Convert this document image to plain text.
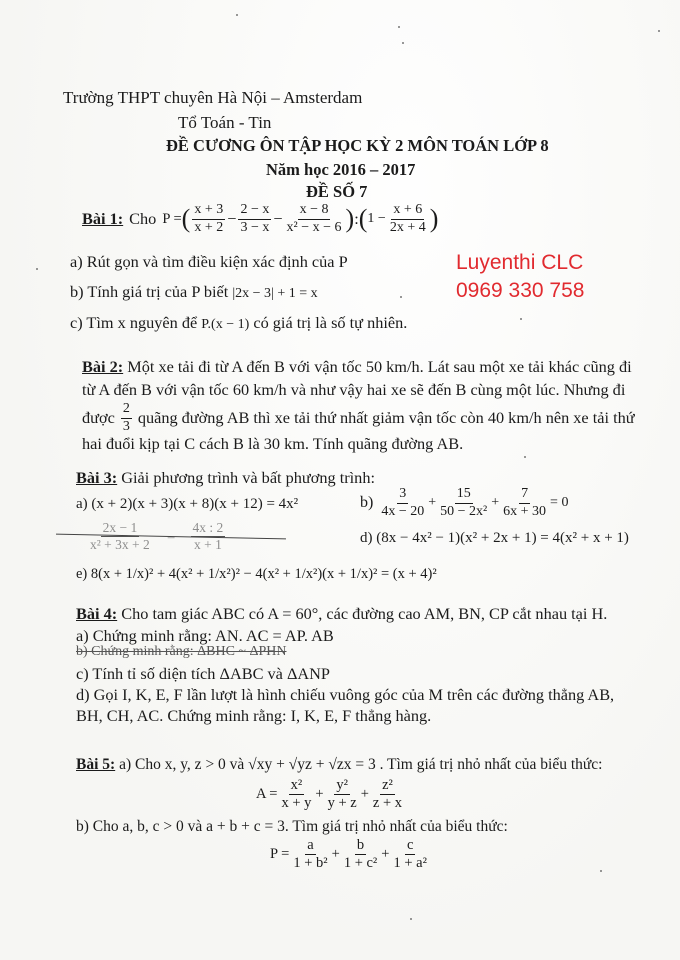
Trường THPT chuyên Hà Nội – Amsterdam
Tổ Toán - Tin
ĐỀ CƯƠNG ÔN TẬP HỌC KỲ 2 MÔN TOÁN LỚP 8
Năm học 2016 – 2017
ĐỀ SỐ 7
Luyenthi CLC
0969 330 758
Bài 1: Cho P = ( $\frac{x + 3}{x + 2} - \frac{2 - x}{3 - x} - \frac{x - 8}{\text{x² − x − 6}}$ ) : ( $1 - \frac{x + 6}{2x + 4}$ )
a) Rút gọn và tìm điều kiện xác định của P
b) Tính giá trị của P biết |2x − 3| + 1 = x
c) Tìm x nguyên để P.(x − 1) có giá trị là số tự nhiên.
Bài 2: Một xe tải đi từ A đến B với vận tốc 50 km/h. Lát sau một xe tải khác cũng đi
từ A đến B với vận tốc 60 km/h và như vậy hai xe sẽ đến B cùng một lúc. Nhưng đi
được $\frac{2}{3}$ quãng đường AB thì xe tải thứ nhất giảm vận tốc còn 40 km/h nên xe tải thứ
hai đuổi kịp tại C cách B là 30 km. Tính quãng đường AB.
Bài 3: Giải phương trình và bất phương trình:
a) (x + 2)(x + 3)(x + 8)(x + 12) = 4x²	$b) \frac{3}{4x - 20} + \frac{15}{\text{50 − 2x²}} + \frac{7}{6x + 30} = 0$
$\frac{2x - 1}{\text{x² + 3x + 2}} - \frac{4x : 2}{x + 1}$	d) (8x − 4x² − 1)(x² + 2x + 1) = 4(x² + x + 1)
e) 8(x + 1/x)² + 4(x² + 1/x²)² − 4(x² + 1/x²)(x + 1/x)² = (x + 4)²
Bài 4: Cho tam giác ABC có A = 60°, các đường cao AM, BN, CP cắt nhau tại H.
a) Chứng minh rằng: AN. AC = AP. AB
b) Chứng minh rằng: ΔBHC ~ ΔPHN
c) Tính tỉ số diện tích ΔABC và ΔANP
d) Gọi I, K, E, F lần lượt là hình chiếu vuông góc của M trên các đường thẳng AB,
BH, CH, AC. Chứng minh rằng: I, K, E, F thẳng hàng.
Bài 5: a) Cho x, y, z > 0 và √xy + √yz + √zx = 3 . Tìm giá trị nhỏ nhất của biểu thức:
$A = \frac{\text{x²}}{x + y} + \frac{\text{y²}}{y + z} + \frac{\text{z²}}{z + x}$
b) Cho a, b, c > 0 và a + b + c = 3. Tìm giá trị nhỏ nhất của biểu thức:
$P = \frac{a}{\text{1 + b²}} + \frac{b}{\text{1 + c²}} + \frac{c}{\text{1 + a²}}$
